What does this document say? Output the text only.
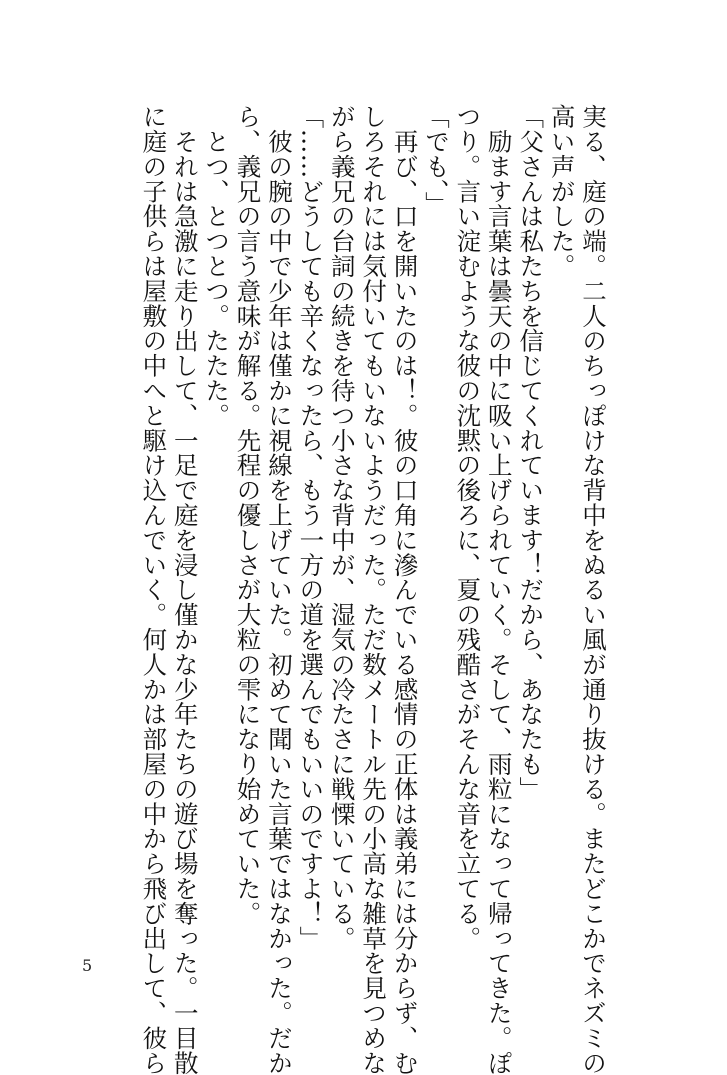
実る、庭の端。二人のちっぽけな背中をぬるい風が通り抜ける。またどこかでネズミの
高い声がした。
「父さんは私たちを信じてくれています！だから、あなたも」
　励ます言葉は曇天の中に吸い上げられていく。そして、雨粒になって帰ってきた。ぽ
つり。言い淀むような彼の沈黙の後ろに、夏の残酷さがそんな音を立てる。
「でも、」
　再び、口を開いたのは！。彼の口角に滲んでいる感情の正体は義弟には分からず、む
しろそれには気付いてもいないようだった。ただ数メートル先の小高な雑草を見つめな
がら義兄の台詞の続きを待つ小さな背中が、湿気の冷たさに戦慄いている。
「……どうしても辛くなったら、もう一方の道を選んでもいいのですよ！」
　彼の腕の中で少年は僅かに視線を上げていた。初めて聞いた言葉ではなかった。だか
ら、義兄の言う意味が解る。先程の優しさが大粒の雫になり始めていた。
　とつ、とつとつ。たたた。
　それは急激に走り出して、一足で庭を浸し僅かな少年たちの遊び場を奪った。一目散
に庭の子供らは屋敷の中へと駆け込んでいく。何人かは部屋の中から飛び出して、彼ら
5
